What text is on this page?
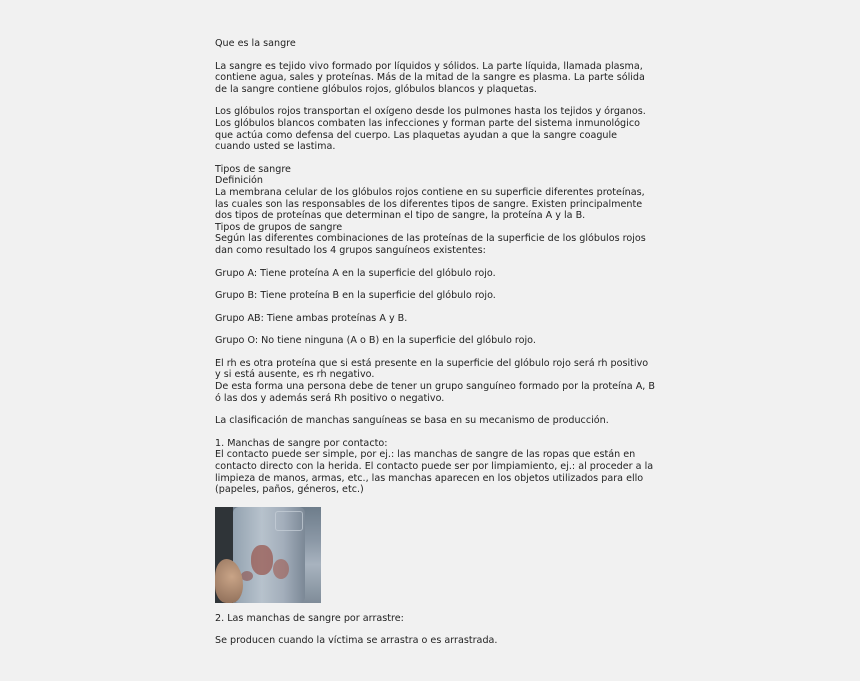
Que es la sangre

La sangre es tejido vivo formado por líquidos y sólidos. La parte líquida, llamada plasma, contiene agua, sales y proteínas. Más de la mitad de la sangre es plasma. La parte sólida de la sangre contiene glóbulos rojos, glóbulos blancos y plaquetas.

Los glóbulos rojos transportan el oxígeno desde los pulmones hasta los tejidos y órganos. Los glóbulos blancos combaten las infecciones y forman parte del sistema inmunológico que actúa como defensa del cuerpo. Las plaquetas ayudan a que la sangre coagule cuando usted se lastima.

Tipos de sangre

Definición

La membrana celular de los glóbulos rojos contiene en su superficie diferentes proteínas, las cuales son las responsables de los diferentes tipos de sangre. Existen principalmente dos tipos de proteínas que determinan el tipo de sangre, la proteína A y la B.

Tipos de grupos de sangre

Según las diferentes combinaciones de las proteínas de la superficie de los glóbulos rojos dan como resultado los 4 grupos sanguíneos existentes:

Grupo A: Tiene proteína A en la superficie del glóbulo rojo.

Grupo B: Tiene proteína B en la superficie del glóbulo rojo.

Grupo AB: Tiene ambas proteínas A y B.

Grupo O: No tiene ninguna (A o B) en la superficie del glóbulo rojo.

El rh es otra proteína que si está presente en la superficie del glóbulo rojo será rh positivo y si está ausente, es rh negativo.

De esta forma una persona debe de tener un grupo sanguíneo formado por la proteína A, B ó las dos y además será Rh positivo o negativo.

La clasificación de manchas sanguíneas se basa en su mecanismo de producción.

1. Manchas de sangre por contacto:

El contacto puede ser simple, por ej.: las manchas de sangre de las ropas que están en contacto directo con la herida. El contacto puede ser por limpiamiento, ej.: al proceder a la limpieza de manos, armas, etc., las manchas aparecen en los objetos utilizados para ello (papeles, paños, géneros, etc.)

2. Las manchas de sangre por arrastre:

Se producen cuando la víctima se arrastra o es arrastrada.
